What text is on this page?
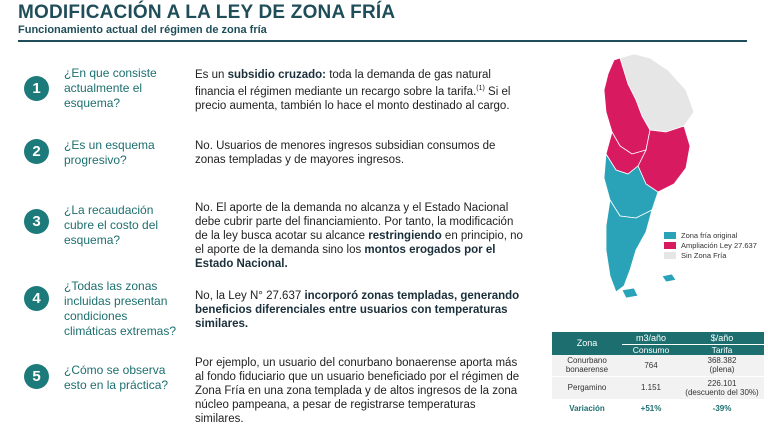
MODIFICACIÓN A LA LEY DE ZONA FRÍA
Funcionamiento actual del régimen de zona fría
1
¿En que consiste actualmente el esquema?
Es un subsidio cruzado: toda la demanda de gas natural financia el régimen mediante un recargo sobre la tarifa.$^{(1)}$ Si el precio aumenta, también lo hace el monto destinado al cargo.
2	¿Es un esquema progresivo?
No. Usuarios de menores ingresos subsidian consumos de zonas templadas y de mayores ingresos.
3
¿La recaudación cubre el costo del esquema?
No. El aporte de la demanda no alcanza y el Estado Nacional debe cubrir parte del financiamiento. Por tanto, la modificación de la ley busca acotar su alcance restringiendo en principio, no el aporte de la demanda sino los montos erogados por el Estado Nacional.
4
¿Todas las zonas incluidas presentan condiciones climáticas extremas?
No, la Ley N° 27.637 incorporó zonas templadas, generando beneficios diferenciales entre usuarios con temperaturas similares.
5	¿Cómo se observa esto en la práctica?
Por ejemplo, un usuario del conurbano bonaerense aporta más al fondo fiduciario que un usuario beneficiado por el régimen de Zona Fría en una zona templada y de altos ingresos de la zona núcleo pampeana, a pesar de registrarse temperaturas similares.
Zona fría original
Ampliación Ley 27.637
Sin Zona Fría
Zona	m3/año	$/año
	Consumo	Tarifa
Conurbano bonaerense	764	368.382
(plena)

Pergamino	1.151	226.101
(descuento del 30%)

Variación	+51%	-39%
